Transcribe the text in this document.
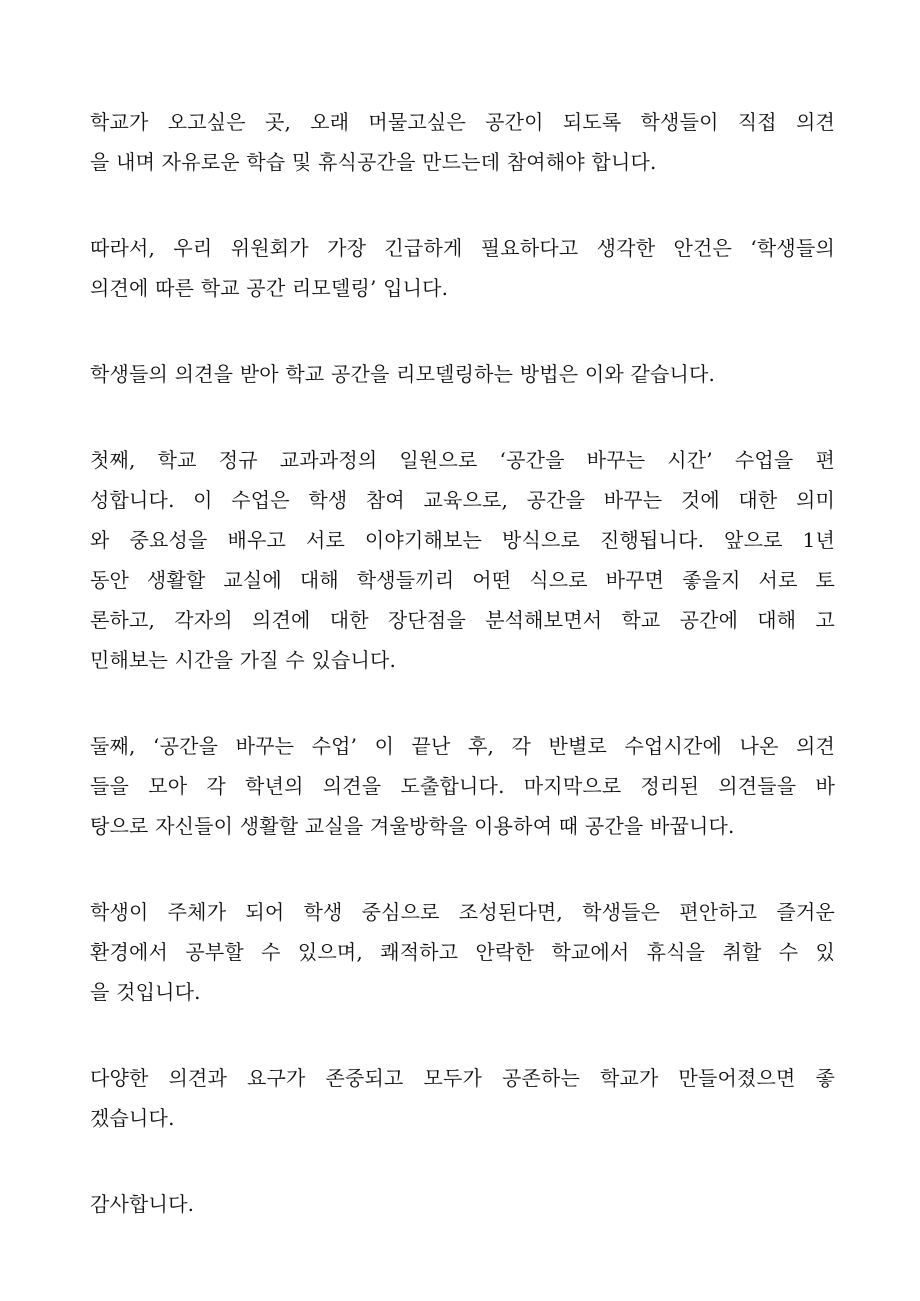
학교가 오고싶은 곳, 오래 머물고싶은 공간이 되도록 학생들이 직접 의견
을 내며 자유로운 학습 및 휴식공간을 만드는데 참여해야 합니다.

따라서, 우리 위원회가 가장 긴급하게 필요하다고 생각한 안건은 ‘학생들의
의견에 따른 학교 공간 리모델링’ 입니다.

학생들의 의견을 받아 학교 공간을 리모델링하는 방법은 이와 같습니다.

첫째, 학교 정규 교과과정의 일원으로 ‘공간을 바꾸는 시간’ 수업을 편
성합니다. 이 수업은 학생 참여 교육으로, 공간을 바꾸는 것에 대한 의미
와 중요성을 배우고 서로 이야기해보는 방식으로 진행됩니다. 앞으로 1년
동안 생활할 교실에 대해 학생들끼리 어떤 식으로 바꾸면 좋을지 서로 토
론하고, 각자의 의견에 대한 장단점을 분석해보면서 학교 공간에 대해 고
민해보는 시간을 가질 수 있습니다.

둘째, ‘공간을 바꾸는 수업’ 이 끝난 후, 각 반별로 수업시간에 나온 의견
들을 모아 각 학년의 의견을 도출합니다. 마지막으로 정리된 의견들을 바
탕으로 자신들이 생활할 교실을 겨울방학을 이용하여 때 공간을 바꿉니다.

학생이 주체가 되어 학생 중심으로 조성된다면, 학생들은 편안하고 즐거운
환경에서 공부할 수 있으며, 쾌적하고 안락한 학교에서 휴식을 취할 수 있
을 것입니다.

다양한 의견과 요구가 존중되고 모두가 공존하는 학교가 만들어졌으면 좋
겠습니다.

감사합니다.
